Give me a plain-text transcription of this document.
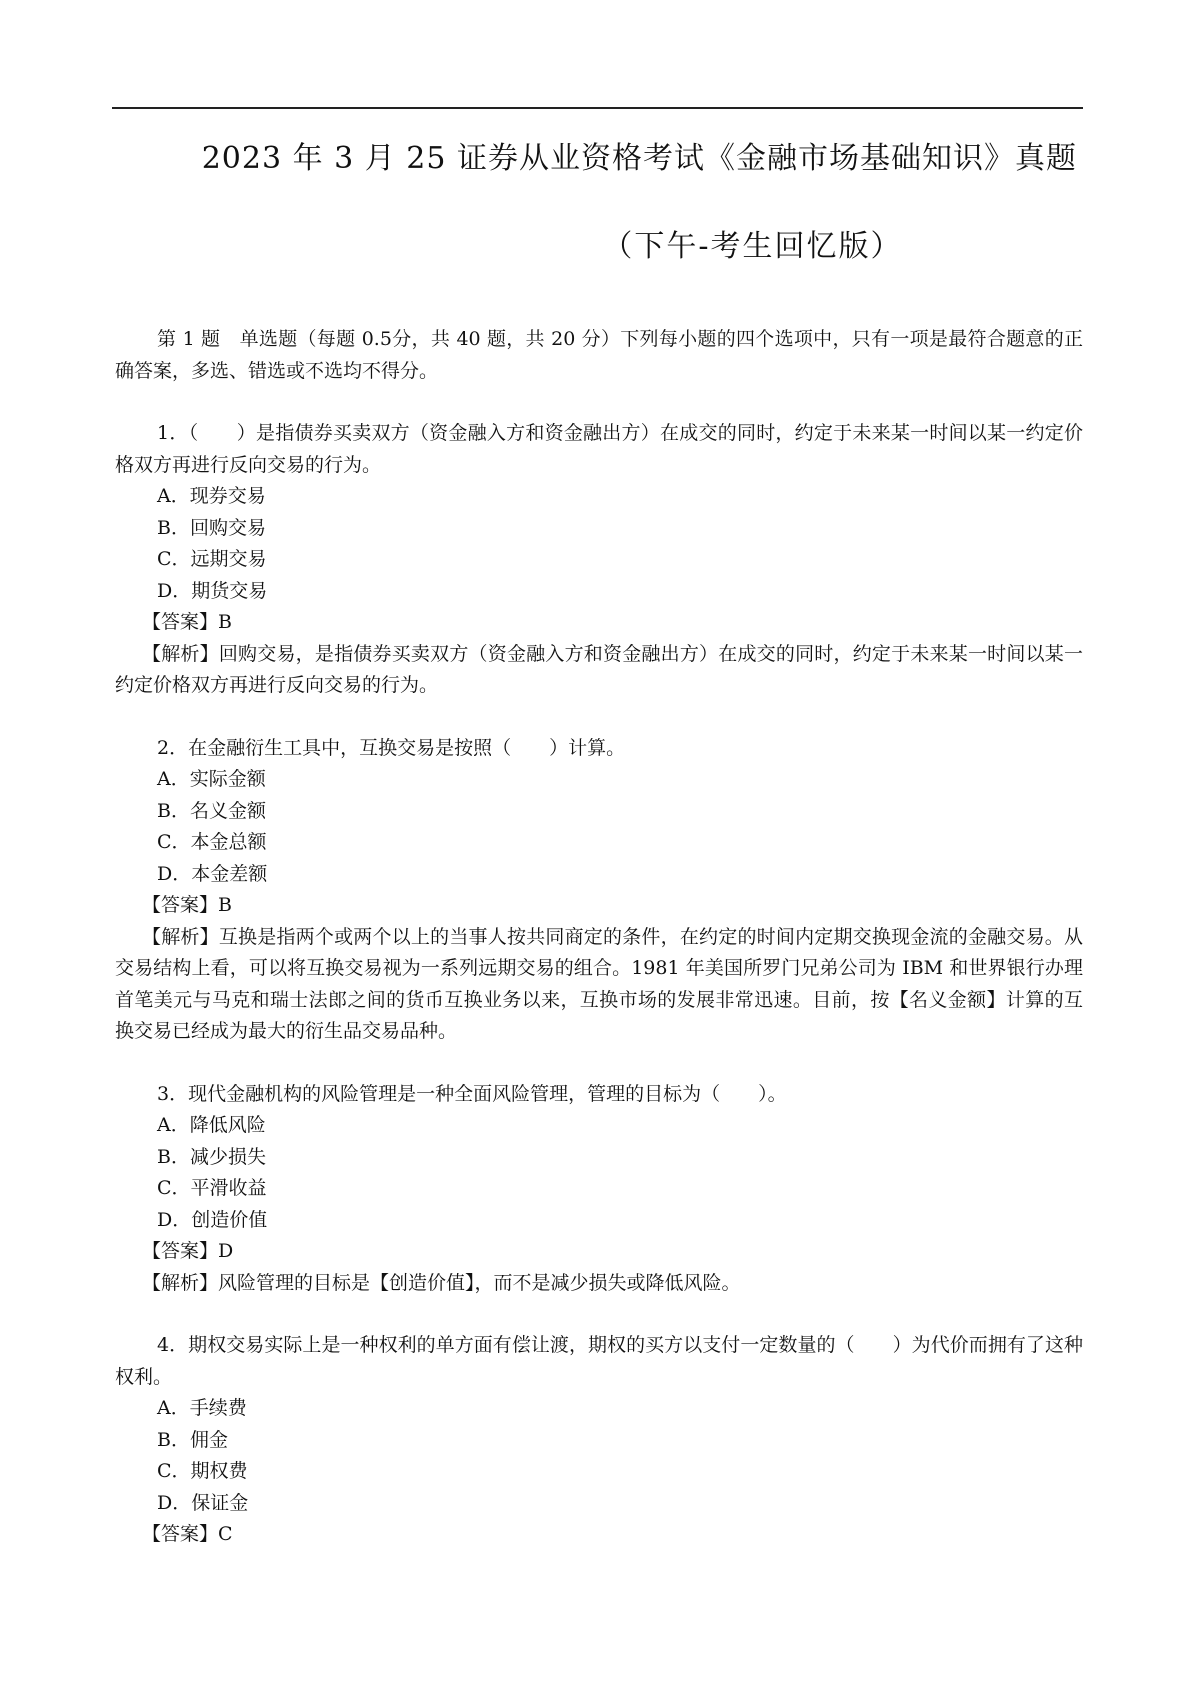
2023 年 3 月 25 证券从业资格考试《金融市场基础知识》真题
（下午-考生回忆版）

第 1 题　单选题（每题 0.5分，共 40 题，共 20 分）下列每小题的四个选项中，只有一项是最符合题意的正确答案，多选、错选或不选均不得分。

1．（　　）是指债券买卖双方（资金融入方和资金融出方）在成交的同时，约定于未来某一时间以某一约定价格双方再进行反向交易的行为。

A．现券交易

B．回购交易

C．远期交易

D．期货交易

【答案】B

【解析】回购交易，是指债券买卖双方（资金融入方和资金融出方）在成交的同时，约定于未来某一时间以某一约定价格双方再进行反向交易的行为。

2．在金融衍生工具中，互换交易是按照（　　）计算。

A．实际金额

B．名义金额

C．本金总额

D．本金差额

【答案】B

【解析】互换是指两个或两个以上的当事人按共同商定的条件，在约定的时间内定期交换现金流的金融交易。从交易结构上看，可以将互换交易视为一系列远期交易的组合。1981 年美国所罗门兄弟公司为 IBM 和世界银行办理首笔美元与马克和瑞士法郎之间的货币互换业务以来，互换市场的发展非常迅速。目前，按【名义金额】计算的互换交易已经成为最大的衍生品交易品种。

3．现代金融机构的风险管理是一种全面风险管理，管理的目标为（　　）。

A．降低风险

B．减少损失

C．平滑收益

D．创造价值

【答案】D

【解析】风险管理的目标是【创造价值】，而不是减少损失或降低风险。

4．期权交易实际上是一种权利的单方面有偿让渡，期权的买方以支付一定数量的（　　）为代价而拥有了这种权利。

A．手续费

B．佣金

C．期权费

D．保证金

【答案】C
